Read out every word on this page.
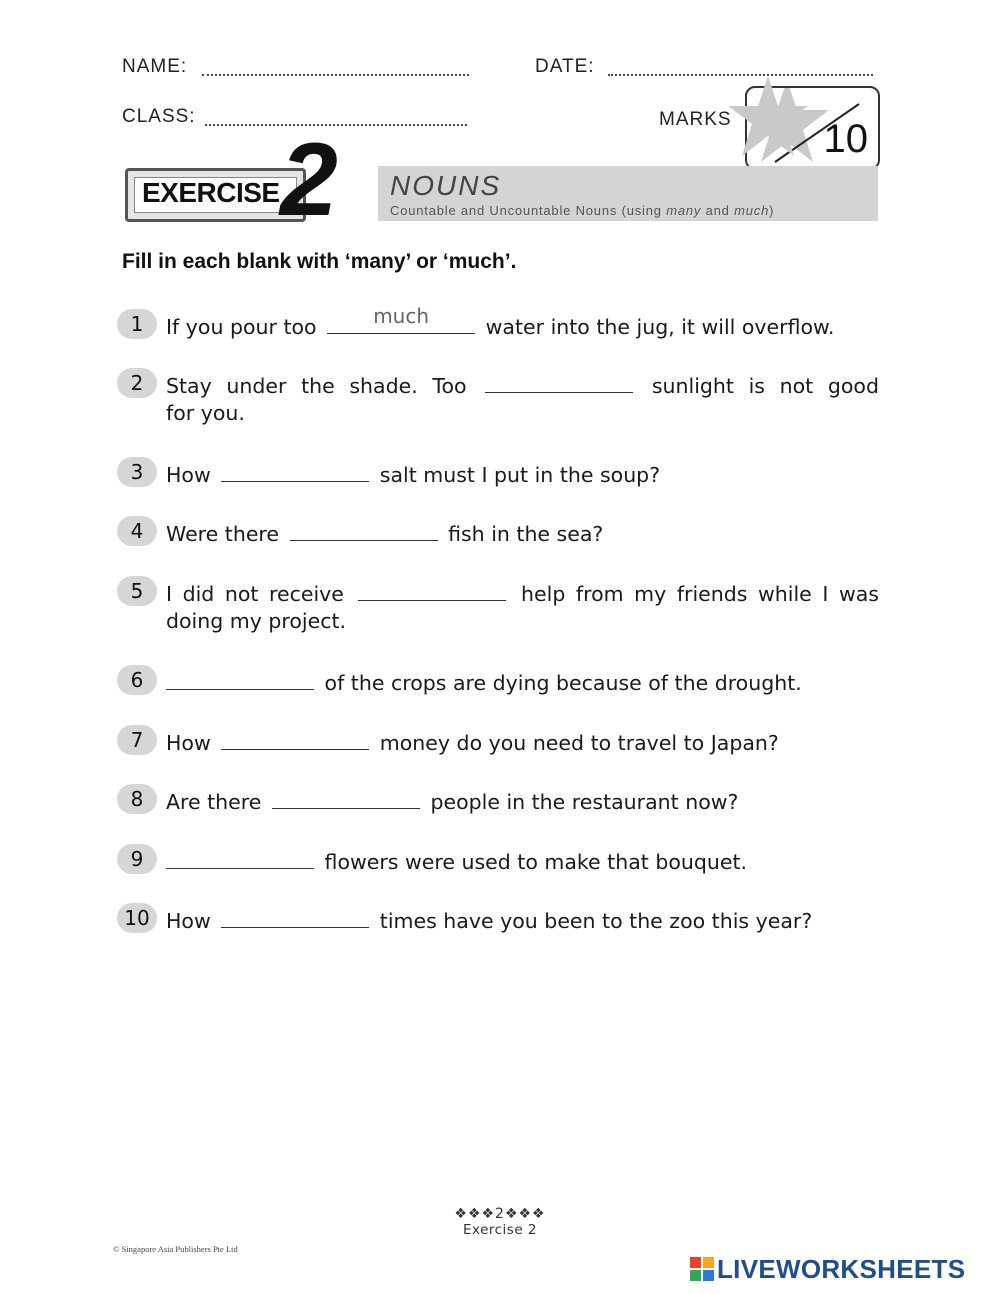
NAME:	DATE:
CLASS:	MARKS 10
EXERCISE 2 NOUNS
Countable and Uncountable Nouns (using many and much)
Fill in each blank with ‘many’ or ‘much’.
1	If you pour too	much	water into the jug, it will overflow.
2	Stay under the shade. Too	sunlight is not good
for you.
3	How	salt must I put in the soup?
4	Were there	fish in the sea?
5	I did not receive	help from my friends while I was
doing my project.
6	of the crops are dying because of the drought.
7	How	money do you need to travel to Japan?
8	Are there	people in the restaurant now?
9	flowers were used to make that bouquet.
10 How	times have you been to the zoo this year?
❖❖❖2❖❖❖
Exercise 2
© Singapore Asia Publishers Pte Ltd
LIVEWORKSHEETS
